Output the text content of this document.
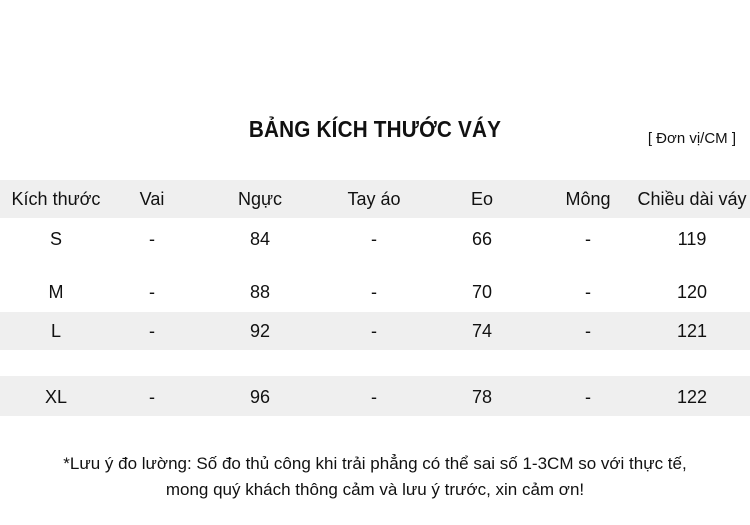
BẢNG KÍCH THƯỚC VÁY	[ Đơn vị/CM ]
Kích thước	Vai	Ngực	Tay áo	Eo	Mông	Chiều dài váy
S	-	84	-	66	-	119
M	-	88	-	70	-	120
L	-	92	-	74	-	121
XL	-	96	-	78	-	122
*Lưu ý đo lường: Số đo thủ công khi trải phẳng có thể sai số 1-3CM so với thực tế,
mong quý khách thông cảm và lưu ý trước, xin cảm ơn!
